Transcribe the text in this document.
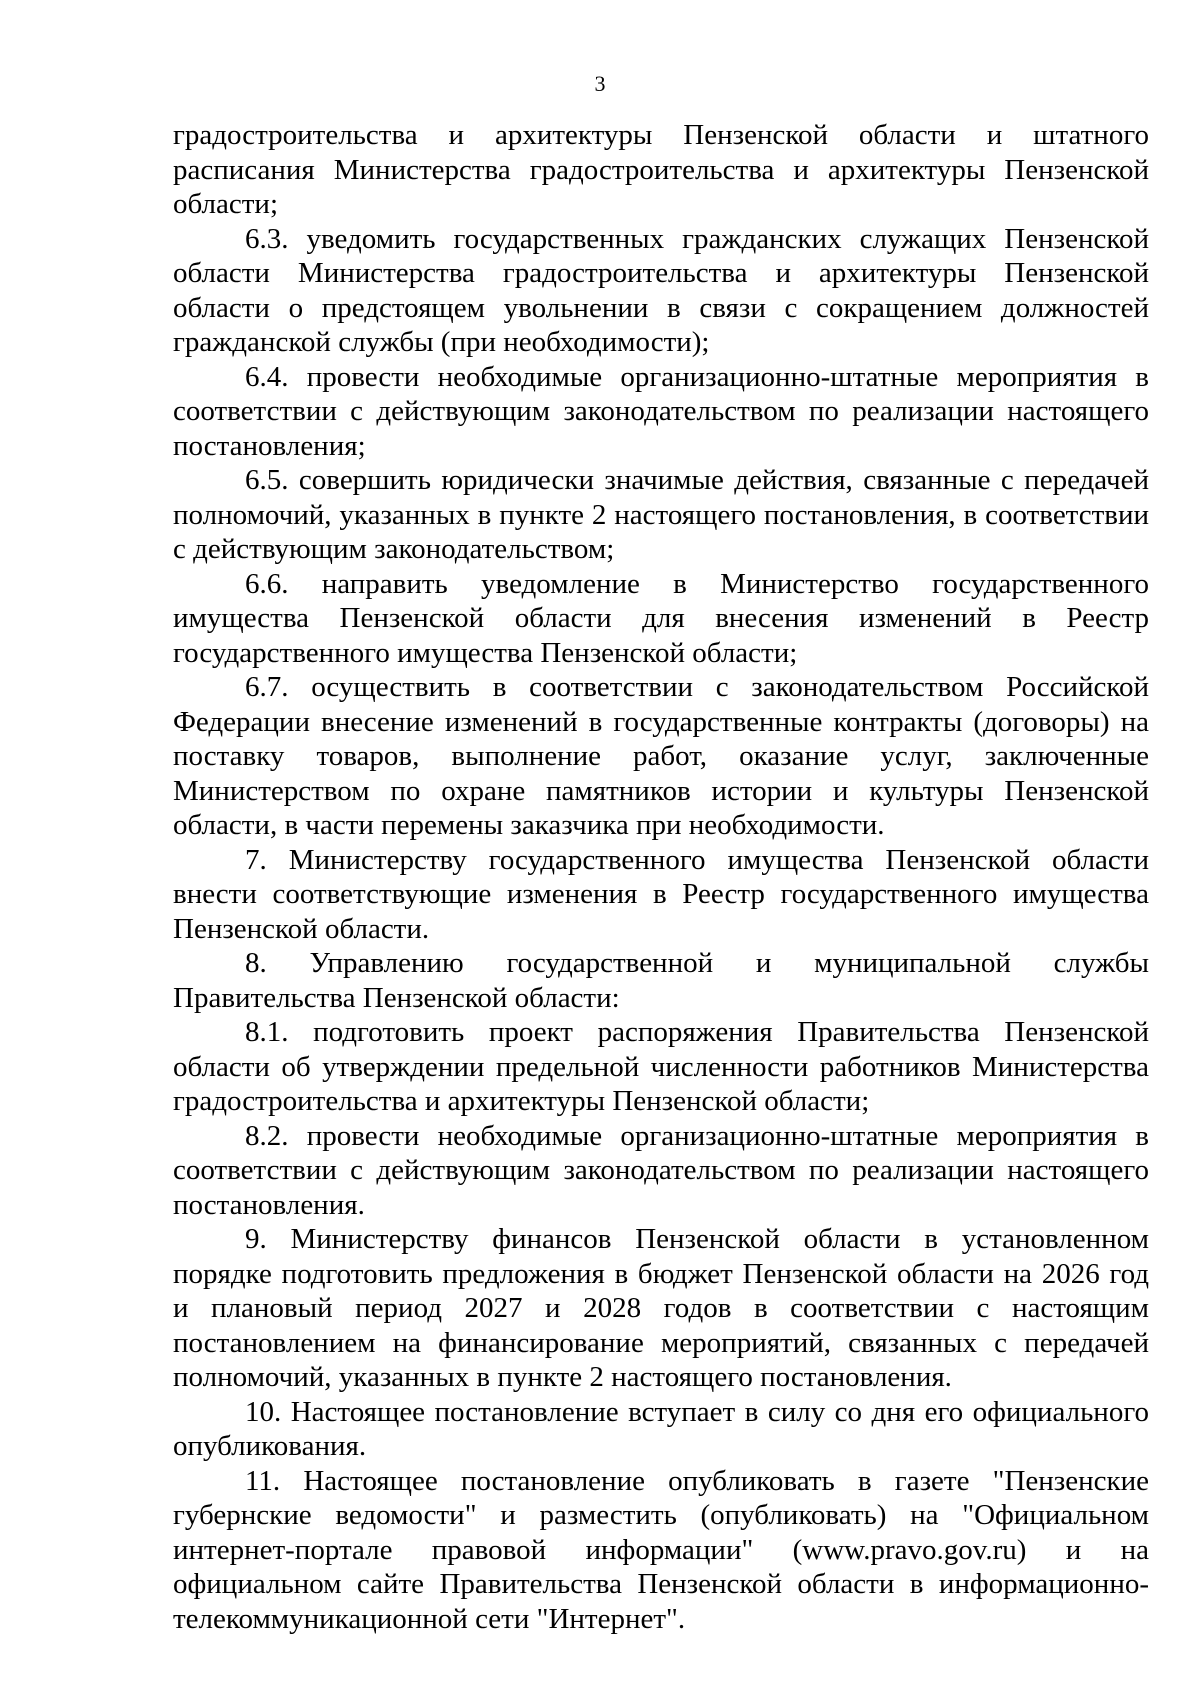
3

градостроительства и архитектуры Пензенской области и штатного расписания Министерства градостроительства и архитектуры Пензенской области;

6.3. уведомить государственных гражданских служащих Пензенской области Министерства градостроительства и архитектуры Пензенской области о предстоящем увольнении в связи с сокращением должностей гражданской службы (при необходимости);

6.4. провести необходимые организационно-штатные мероприятия в соответствии с действующим законодательством по реализации настоящего постановления;

6.5. совершить юридически значимые действия, связанные с передачей полномочий, указанных в пункте 2 настоящего постановления, в соответствии с действующим законодательством;

6.6. направить уведомление в Министерство государственного имущества Пензенской области для внесения изменений в Реестр государственного имущества Пензенской области;

6.7. осуществить в соответствии с законодательством Российской Федерации внесение изменений в государственные контракты (договоры) на поставку товаров, выполнение работ, оказание услуг, заключенные Министерством по охране памятников истории и культуры Пензенской области, в части перемены заказчика при необходимости.

7. Министерству государственного имущества Пензенской области внести соответствующие изменения в Реестр государственного имущества Пензенской области.

8. Управлению государственной и муниципальной службы Правительства Пензенской области:

8.1. подготовить проект распоряжения Правительства Пензенской области об утверждении предельной численности работников Министерства градостроительства и архитектуры Пензенской области;

8.2. провести необходимые организационно-штатные мероприятия в соответствии с действующим законодательством по реализации настоящего постановления.

9. Министерству финансов Пензенской области в установленном порядке подготовить предложения в бюджет Пензенской области на 2026 год и плановый период 2027 и 2028 годов в соответствии с настоящим постановлением на финансирование мероприятий, связанных с передачей полномочий, указанных в пункте 2 настоящего постановления.

10. Настоящее постановление вступает в силу со дня его официального опубликования.

11. Настоящее постановление опубликовать в газете "Пензенские губернские ведомости" и разместить (опубликовать) на "Официальном интернет-портале правовой информации" (www.pravo.gov.ru) и на официальном сайте Правительства Пензенской области в информационно-телекоммуникационной сети "Интернет".
